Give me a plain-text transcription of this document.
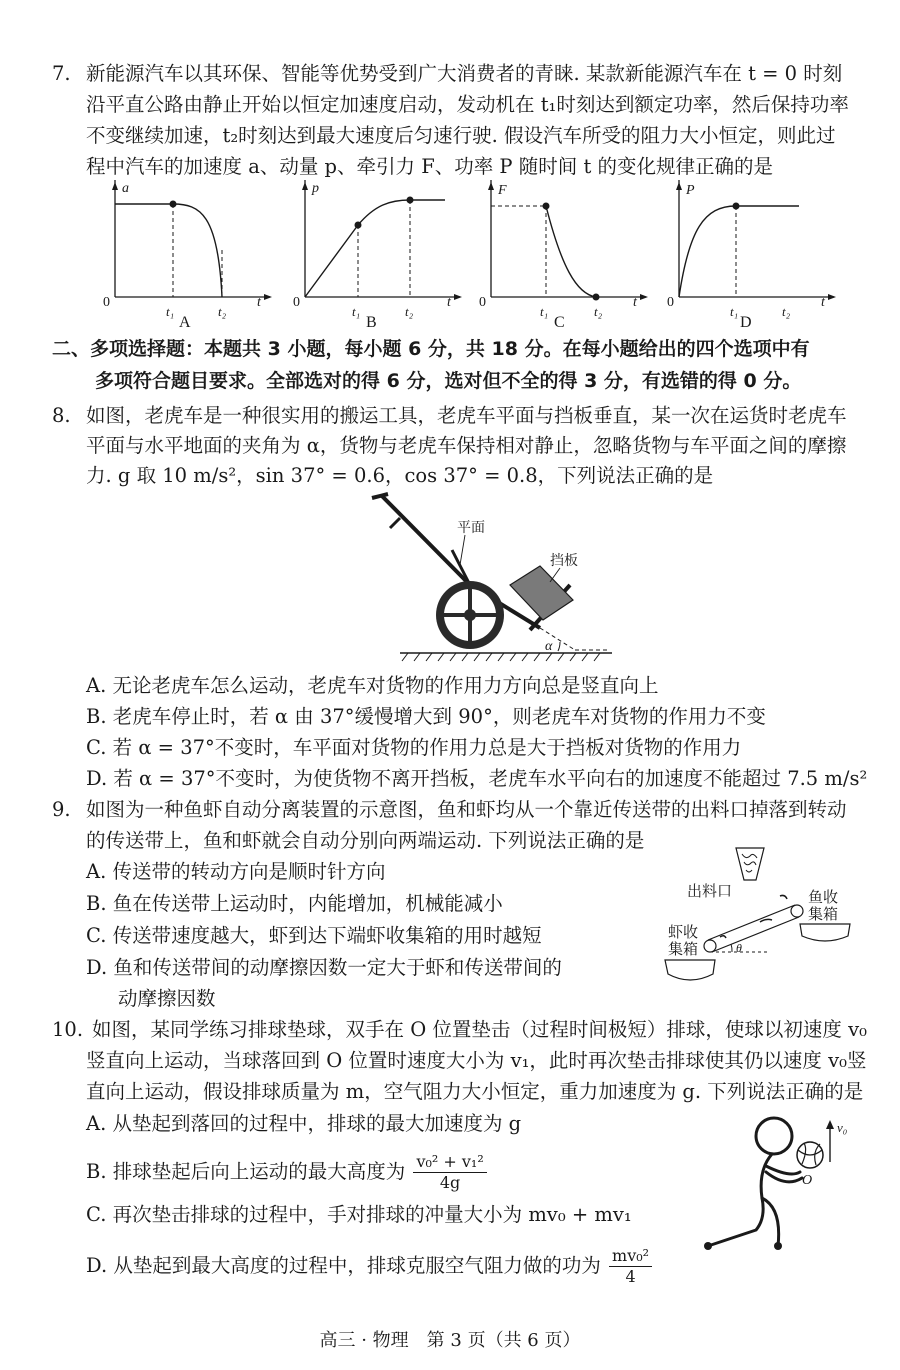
7. 新能源汽车以其环保、智能等优势受到广大消费者的青睐. 某款新能源汽车在 t = 0 时刻
沿平直公路由静止开始以恒定加速度启动，发动机在 t₁时刻达到额定功率，然后保持功率
不变继续加速，t₂时刻达到最大速度后匀速行驶. 假设汽车所受的阻力大小恒定，则此过
程中汽车的加速度 a、动量 p、牵引力 F、功率 P 随时间 t 的变化规律正确的是
a
0
t₁	t₂
t
A
p
0
t₁	t₂
t
B
F
0
t₁	t₂
t
C
P
0
t₁	t₂
t
D
二、多项选择题：本题共 3 小题，每小题 6 分，共 18 分。在每小题给出的四个选项中有
多项符合题目要求。全部选对的得 6 分，选对但不全的得 3 分，有选错的得 0 分。
8. 如图，老虎车是一种很实用的搬运工具，老虎车平面与挡板垂直，某一次在运货时老虎车
平面与水平地面的夹角为 α，货物与老虎车保持相对静止，忽略货物与车平面之间的摩擦
力. g 取 10 m/s²，sin 37° = 0.6，cos 37° = 0.8，下列说法正确的是
平面
挡板
α
A. 无论老虎车怎么运动，老虎车对货物的作用力方向总是竖直向上
B. 老虎车停止时，若 α 由 37°缓慢增大到 90°，则老虎车对货物的作用力不变
C. 若 α = 37°不变时，车平面对货物的作用力总是大于挡板对货物的作用力
D. 若 α = 37°不变时，为使货物不离开挡板，老虎车水平向右的加速度不能超过 7.5 m/s²
9. 如图为一种鱼虾自动分离装置的示意图，鱼和虾均从一个靠近传送带的出料口掉落到转动
的传送带上，鱼和虾就会自动分别向两端运动. 下列说法正确的是
A. 传送带的转动方向是顺时针方向
B. 鱼在传送带上运动时，内能增加，机械能减小
C. 传送带速度越大，虾到达下端虾收集箱的用时越短
D. 鱼和传送带间的动摩擦因数一定大于虾和传送带间的
动摩擦因数
出料口
θ
鱼收
集箱
虾收
集箱
10. 如图，某同学练习排球垫球，双手在 O 位置垫击（过程时间极短）排球，使球以初速度 v₀
竖直向上运动，当球落回到 O 位置时速度大小为 v₁，此时再次垫击排球使其仍以速度 v₀竖
直向上运动，假设排球质量为 m，空气阻力大小恒定，重力加速度为 g. 下列说法正确的是
A. 从垫起到落回的过程中，排球的最大加速度为 g
B. 排球垫起后向上运动的最大高度为 $\frac{\text{v₀² + v₁²}}{4g}$
C. 再次垫击排球的过程中，手对排球的冲量大小为 mv₀ + mv₁
D. 从垫起到最大高度的过程中，排球克服空气阻力做的功为 $\frac{\text{mv₀²}}{4}$
v₀
O
高三 · 物理　第 3 页（共 6 页）
